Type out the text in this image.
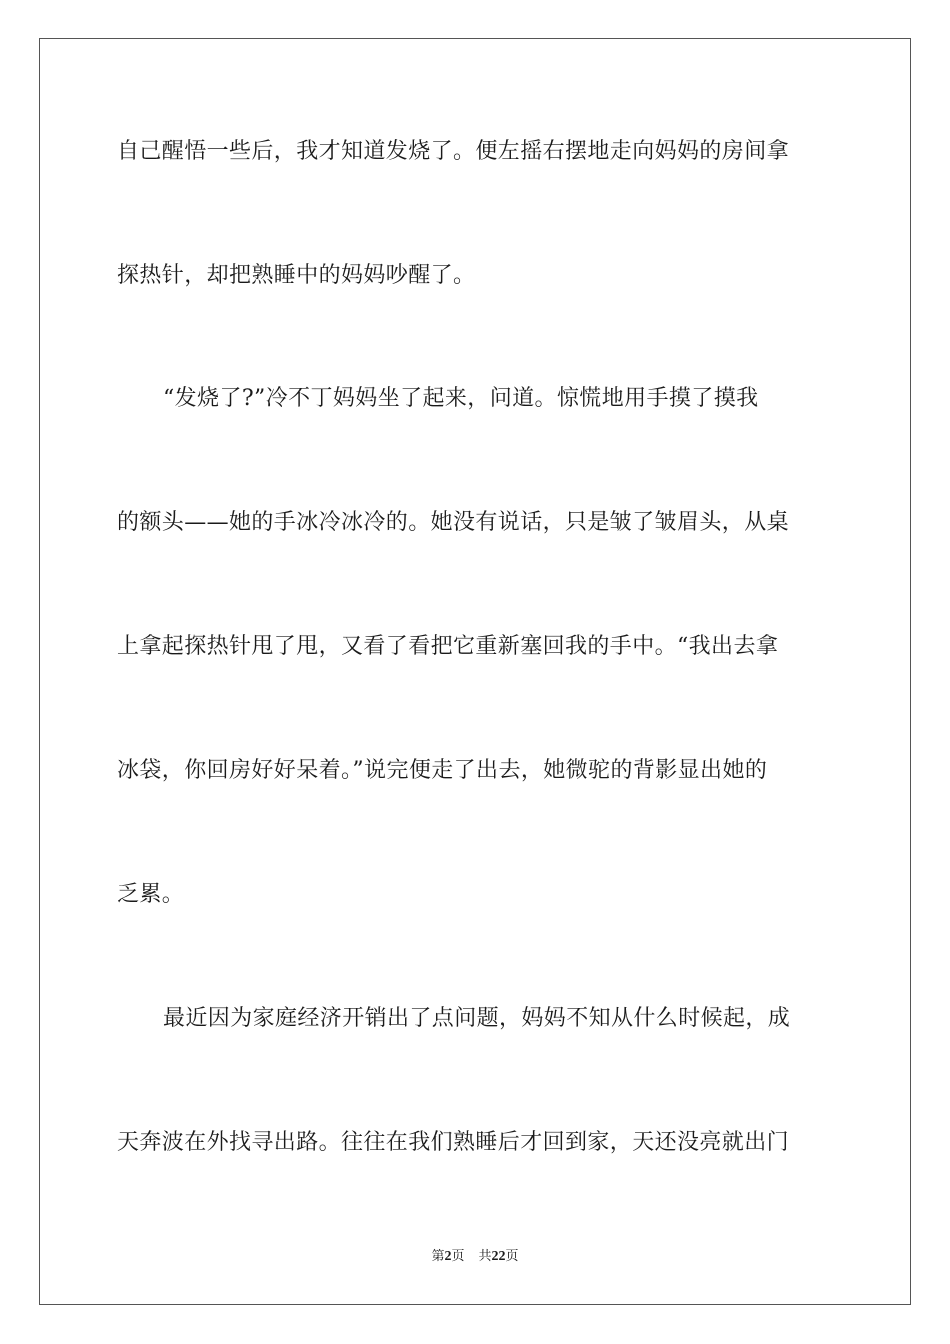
自己醒悟一些后，我才知道发烧了。便左摇右摆地走向妈妈的房间拿
探热针，却把熟睡中的妈妈吵醒了。
“发烧了?”冷不丁妈妈坐了起来，问道。惊慌地用手摸了摸我
的额头——她的手冰冷冰冷的。她没有说话，只是皱了皱眉头，从桌
上拿起探热针甩了甩，又看了看把它重新塞回我的手中。“我出去拿
冰袋，你回房好好呆着。”说完便走了出去，她微驼的背影显出她的
乏累。
最近因为家庭经济开销出了点问题，妈妈不知从什么时候起，成
天奔波在外找寻出路。往往在我们熟睡后才回到家，天还没亮就出门
第2页 共22页
